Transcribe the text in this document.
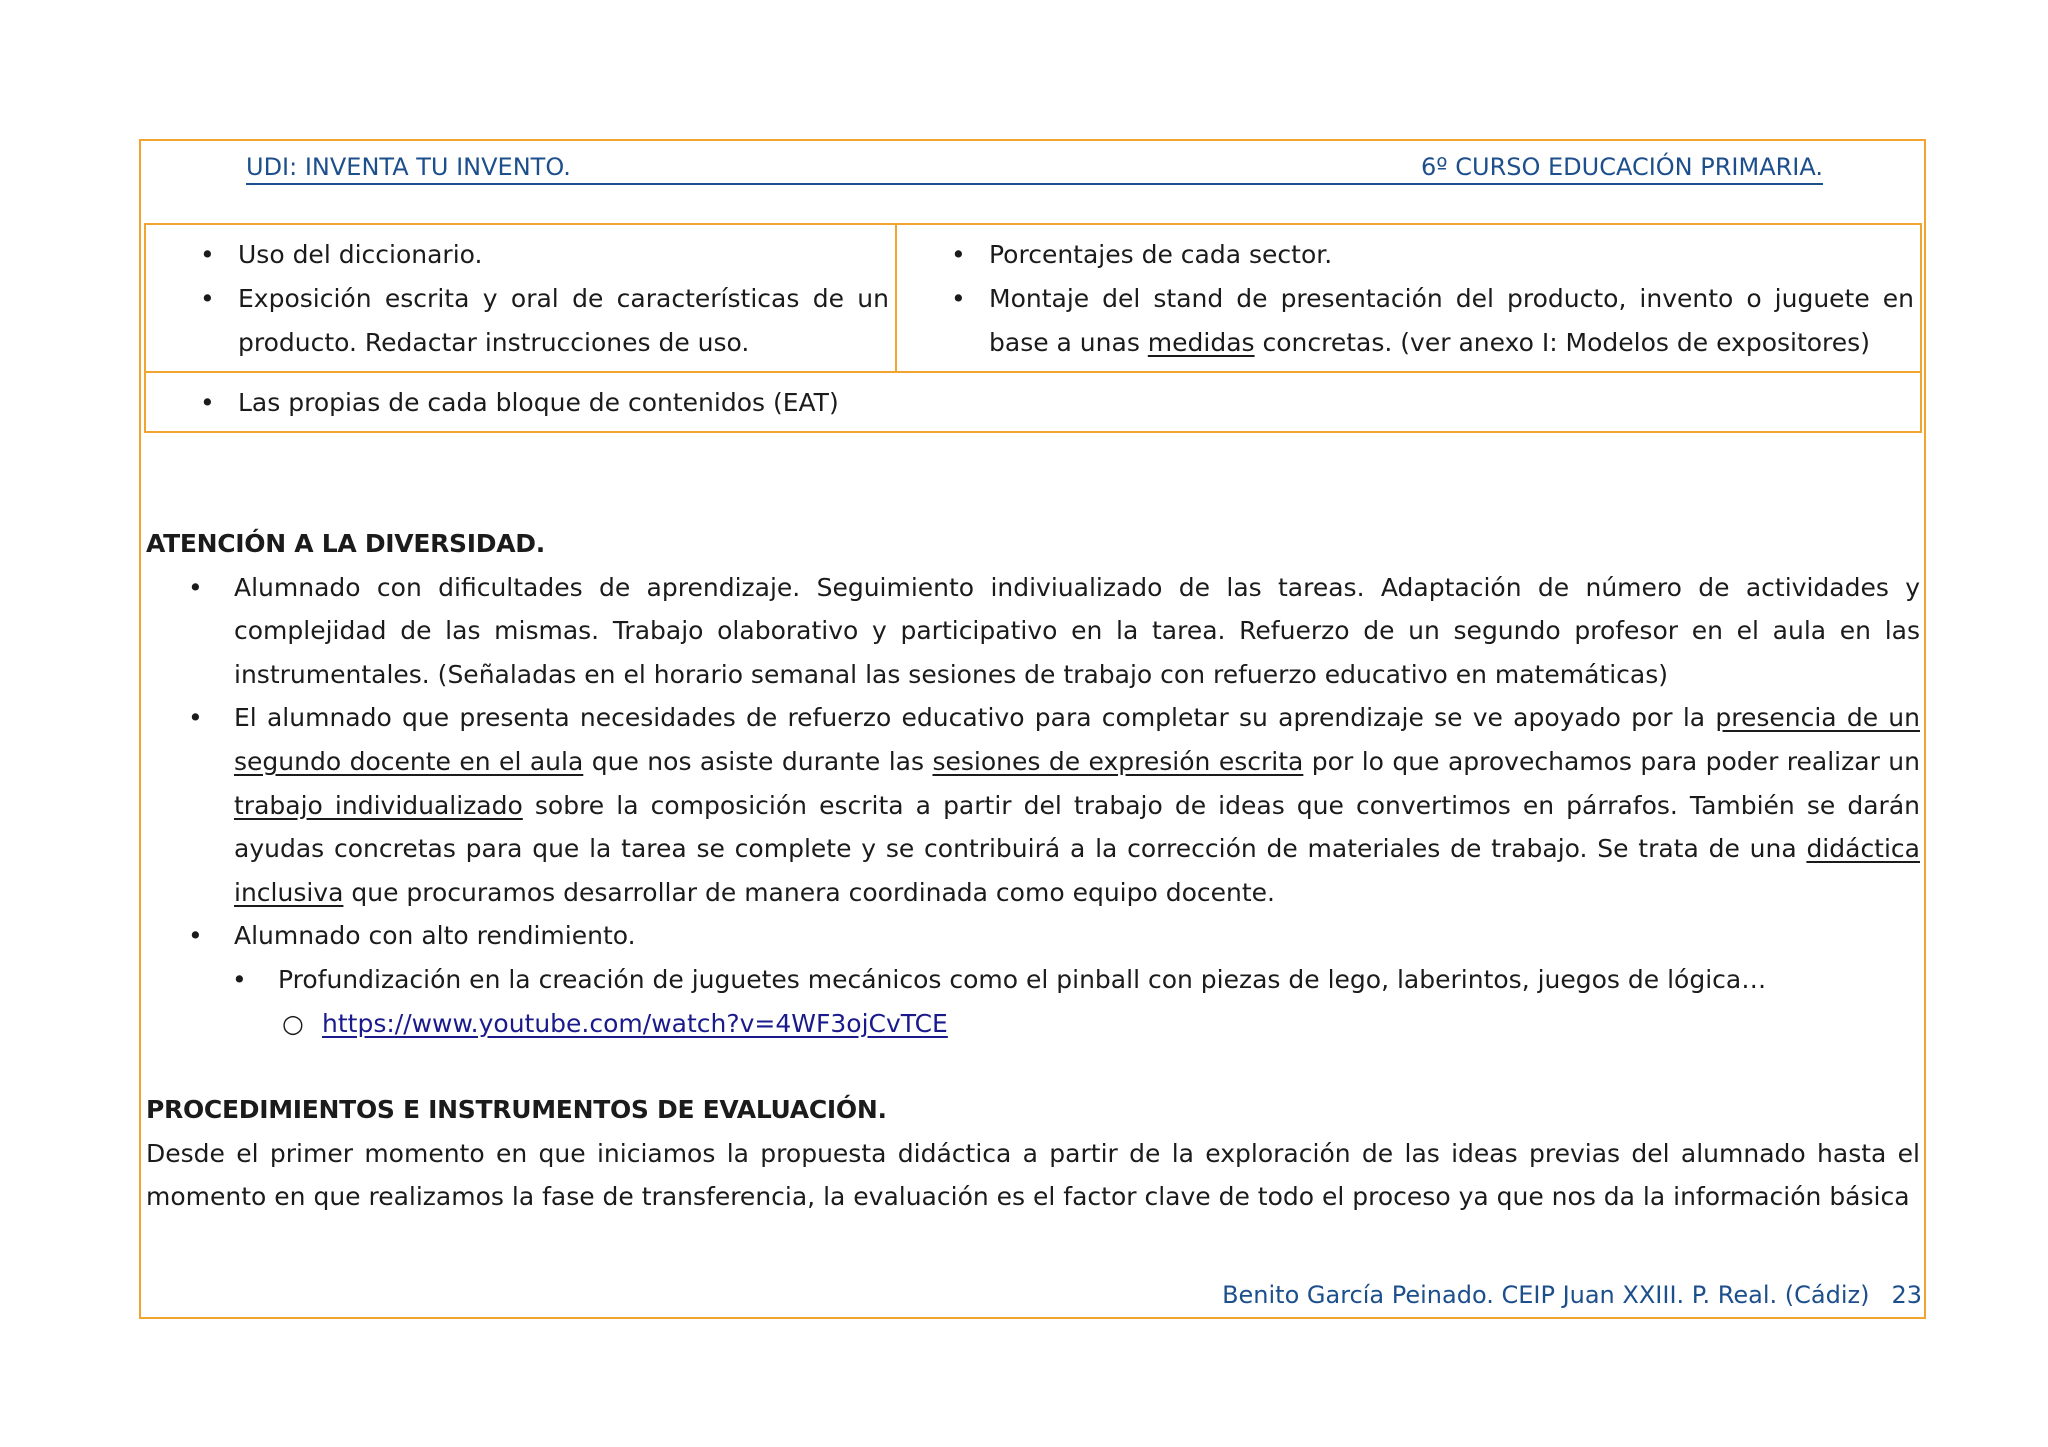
UDI: INVENTA TU INVENTO.	6º CURSO EDUCACIÓN PRIMARIA.
• Uso del diccionario.
• Exposición escrita y oral de características de un producto. Redactar instrucciones de uso.

• Porcentajes de cada sector.
• Montaje del stand de presentación del producto, invento o juguete en base a unas medidas concretas. (ver anexo I: Modelos de expositores)

• Las propias de cada bloque de contenidos (EAT)

ATENCIÓN A LA DIVERSIDAD.

• Alumnado con dificultades de aprendizaje. Seguimiento indiviualizado de las tareas. Adaptación de número de actividades y complejidad de las mismas. Trabajo olaborativo y participativo en la tarea. Refuerzo de un segundo profesor en el aula en las instrumentales. (Señaladas en el horario semanal las sesiones de trabajo con refuerzo educativo en matemáticas)
• El alumnado que presenta necesidades de refuerzo educativo para completar su aprendizaje se ve apoyado por la presencia de un segundo docente en el aula que nos asiste durante las sesiones de expresión escrita por lo que aprovechamos para poder realizar un trabajo individualizado sobre la composición escrita a partir del trabajo de ideas que convertimos en párrafos. También se darán ayudas concretas para que la tarea se complete y se contribuirá a la corrección de materiales de trabajo. Se trata de una didáctica inclusiva que procuramos desarrollar de manera coordinada como equipo docente.
• Alumnado con alto rendimiento.
• Profundización en la creación de juguetes mecánicos como el pinball con piezas de lego, laberintos, juegos de lógica…
○ https://www.youtube.com/watch?v=4WF3ojCvTCE

PROCEDIMIENTOS E INSTRUMENTOS DE EVALUACIÓN.

Desde el primer momento en que iniciamos la propuesta didáctica a partir de la exploración de las ideas previas del alumnado hasta el momento en que realizamos la fase de transferencia, la evaluación es el factor clave de todo el proceso ya que nos da la información básica

Benito García Peinado. CEIP Juan XXIII. P. Real. (Cádiz) 23
